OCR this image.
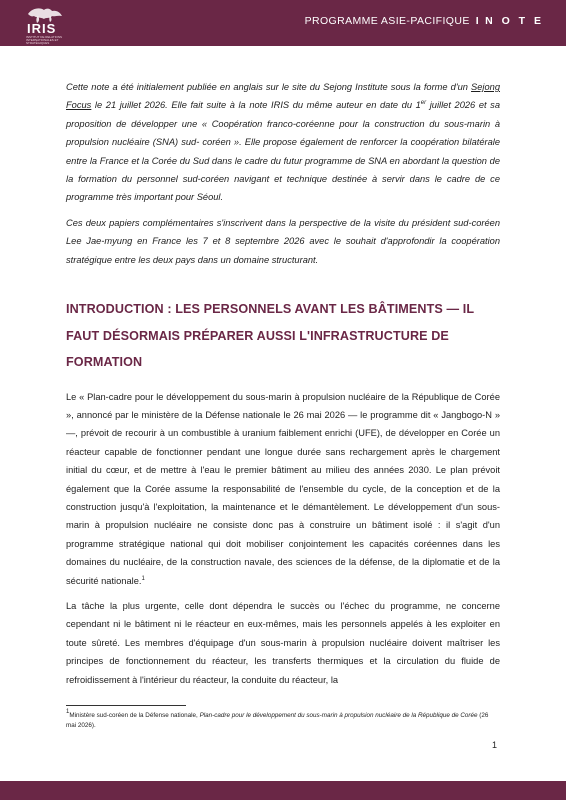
IRIS
INSTITUT DE RELATIONS INTERNATIONALES ET STRATÉGIQUES
PROGRAMME ASIE-PACIFIQUE I N O T E

Cette note a été initialement publiée en anglais sur le site du Sejong Institute sous la forme d'un Sejong Focus le 21 juillet 2026. Elle fait suite à la note IRIS du même auteur en date du 1er juillet 2026 et sa proposition de développer une « Coopération franco-coréenne pour la construction du sous-marin à propulsion nucléaire (SNA) sud- coréen ». Elle propose également de renforcer la coopération bilatérale entre la France et la Corée du Sud dans le cadre du futur programme de SNA en abordant la question de la formation du personnel sud-coréen navigant et technique destinée à servir dans le cadre de ce programme très important pour Séoul.

Ces deux papiers complémentaires s'inscrivent dans la perspective de la visite du président sud-coréen Lee Jae-myung en France les 7 et 8 septembre 2026 avec le souhait d'approfondir la coopération stratégique entre les deux pays dans un domaine structurant.

INTRODUCTION : LES PERSONNELS AVANT LES BÂTIMENTS — IL FAUT DÉSORMAIS PRÉPARER AUSSI L'INFRASTRUCTURE DE FORMATION

Le « Plan-cadre pour le développement du sous-marin à propulsion nucléaire de la République de Corée », annoncé par le ministère de la Défense nationale le 26 mai 2026 — le programme dit « Jangbogo-N » —, prévoit de recourir à un combustible à uranium faiblement enrichi (UFE), de développer en Corée un réacteur capable de fonctionner pendant une longue durée sans rechargement après le chargement initial du cœur, et de mettre à l'eau le premier bâtiment au milieu des années 2030. Le plan prévoit également que la Corée assume la responsabilité de l'ensemble du cycle, de la conception et de la construction jusqu'à l'exploitation, la maintenance et le démantèlement. Le développement d'un sous-marin à propulsion nucléaire ne consiste donc pas à construire un bâtiment isolé : il s'agit d'un programme stratégique national qui doit mobiliser conjointement les capacités coréennes dans les domaines du nucléaire, de la construction navale, des sciences de la défense, de la diplomatie et de la sécurité nationale.$^1$

La tâche la plus urgente, celle dont dépendra le succès ou l'échec du programme, ne concerne cependant ni le bâtiment ni le réacteur en eux-mêmes, mais les personnels appelés à les exploiter en toute sûreté. Les membres d'équipage d'un sous-marin à propulsion nucléaire doivent maîtriser les principes de fonctionnement du réacteur, les transferts thermiques et la circulation du fluide de refroidissement à l'intérieur du réacteur, la conduite du réacteur, la

$^1$Ministère sud-coréen de la Défense nationale, Plan-cadre pour le développement du sous-marin à propulsion nucléaire de la République de Corée (26 mai 2026).
1
